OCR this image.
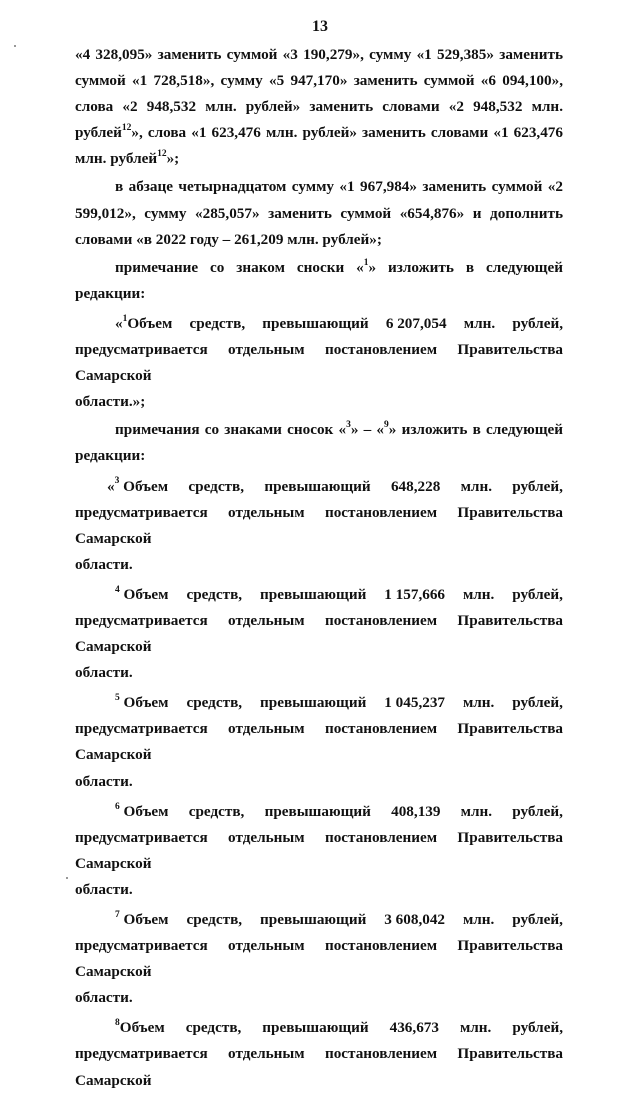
13

«4 328,095» заменить суммой «3 190,279», сумму «1 529,385» заменить суммой «1 728,518», сумму «5 947,170» заменить суммой «6 094,100», слова «2 948,532 млн. рублей» заменить словами «2 948,532 млн. рублей$^{12}$», слова «1 623,476 млн. рублей» заменить словами «1 623,476 млн. рублей$^{12}$»;

в абзаце четырнадцатом сумму «1 967,984» заменить суммой «2 599,012», сумму «285,057» заменить суммой «654,876» и дополнить словами «в 2022 году – 261,209 млн. рублей»;

примечание со знаком сноски «$^1$» изложить в следующей редакции:

«$^1$Объем средств, превышающий 6 207,054 млн. рублей,
предусматривается отдельным постановлением Правительства Самарской
области.»;

примечания со знаками сносок «$^3$» – «$^9$» изложить в следующей редакции:

«$^3$ Объем средств, превышающий 648,228 млн. рублей,
предусматривается отдельным постановлением Правительства Самарской
области.
$^4$ Объем средств, превышающий 1 157,666 млн. рублей,
предусматривается отдельным постановлением Правительства Самарской
области.
$^5$ Объем средств, превышающий 1 045,237 млн. рублей,
предусматривается отдельным постановлением Правительства Самарской
области.
$^6$ Объем средств, превышающий 408,139 млн. рублей,
предусматривается отдельным постановлением Правительства Самарской
области.
$^7$ Объем средств, превышающий 3 608,042 млн. рублей,
предусматривается отдельным постановлением Правительства Самарской
области.
$^8$Объем средств, превышающий 436,673 млн. рублей,
предусматривается отдельным постановлением Правительства Самарской
